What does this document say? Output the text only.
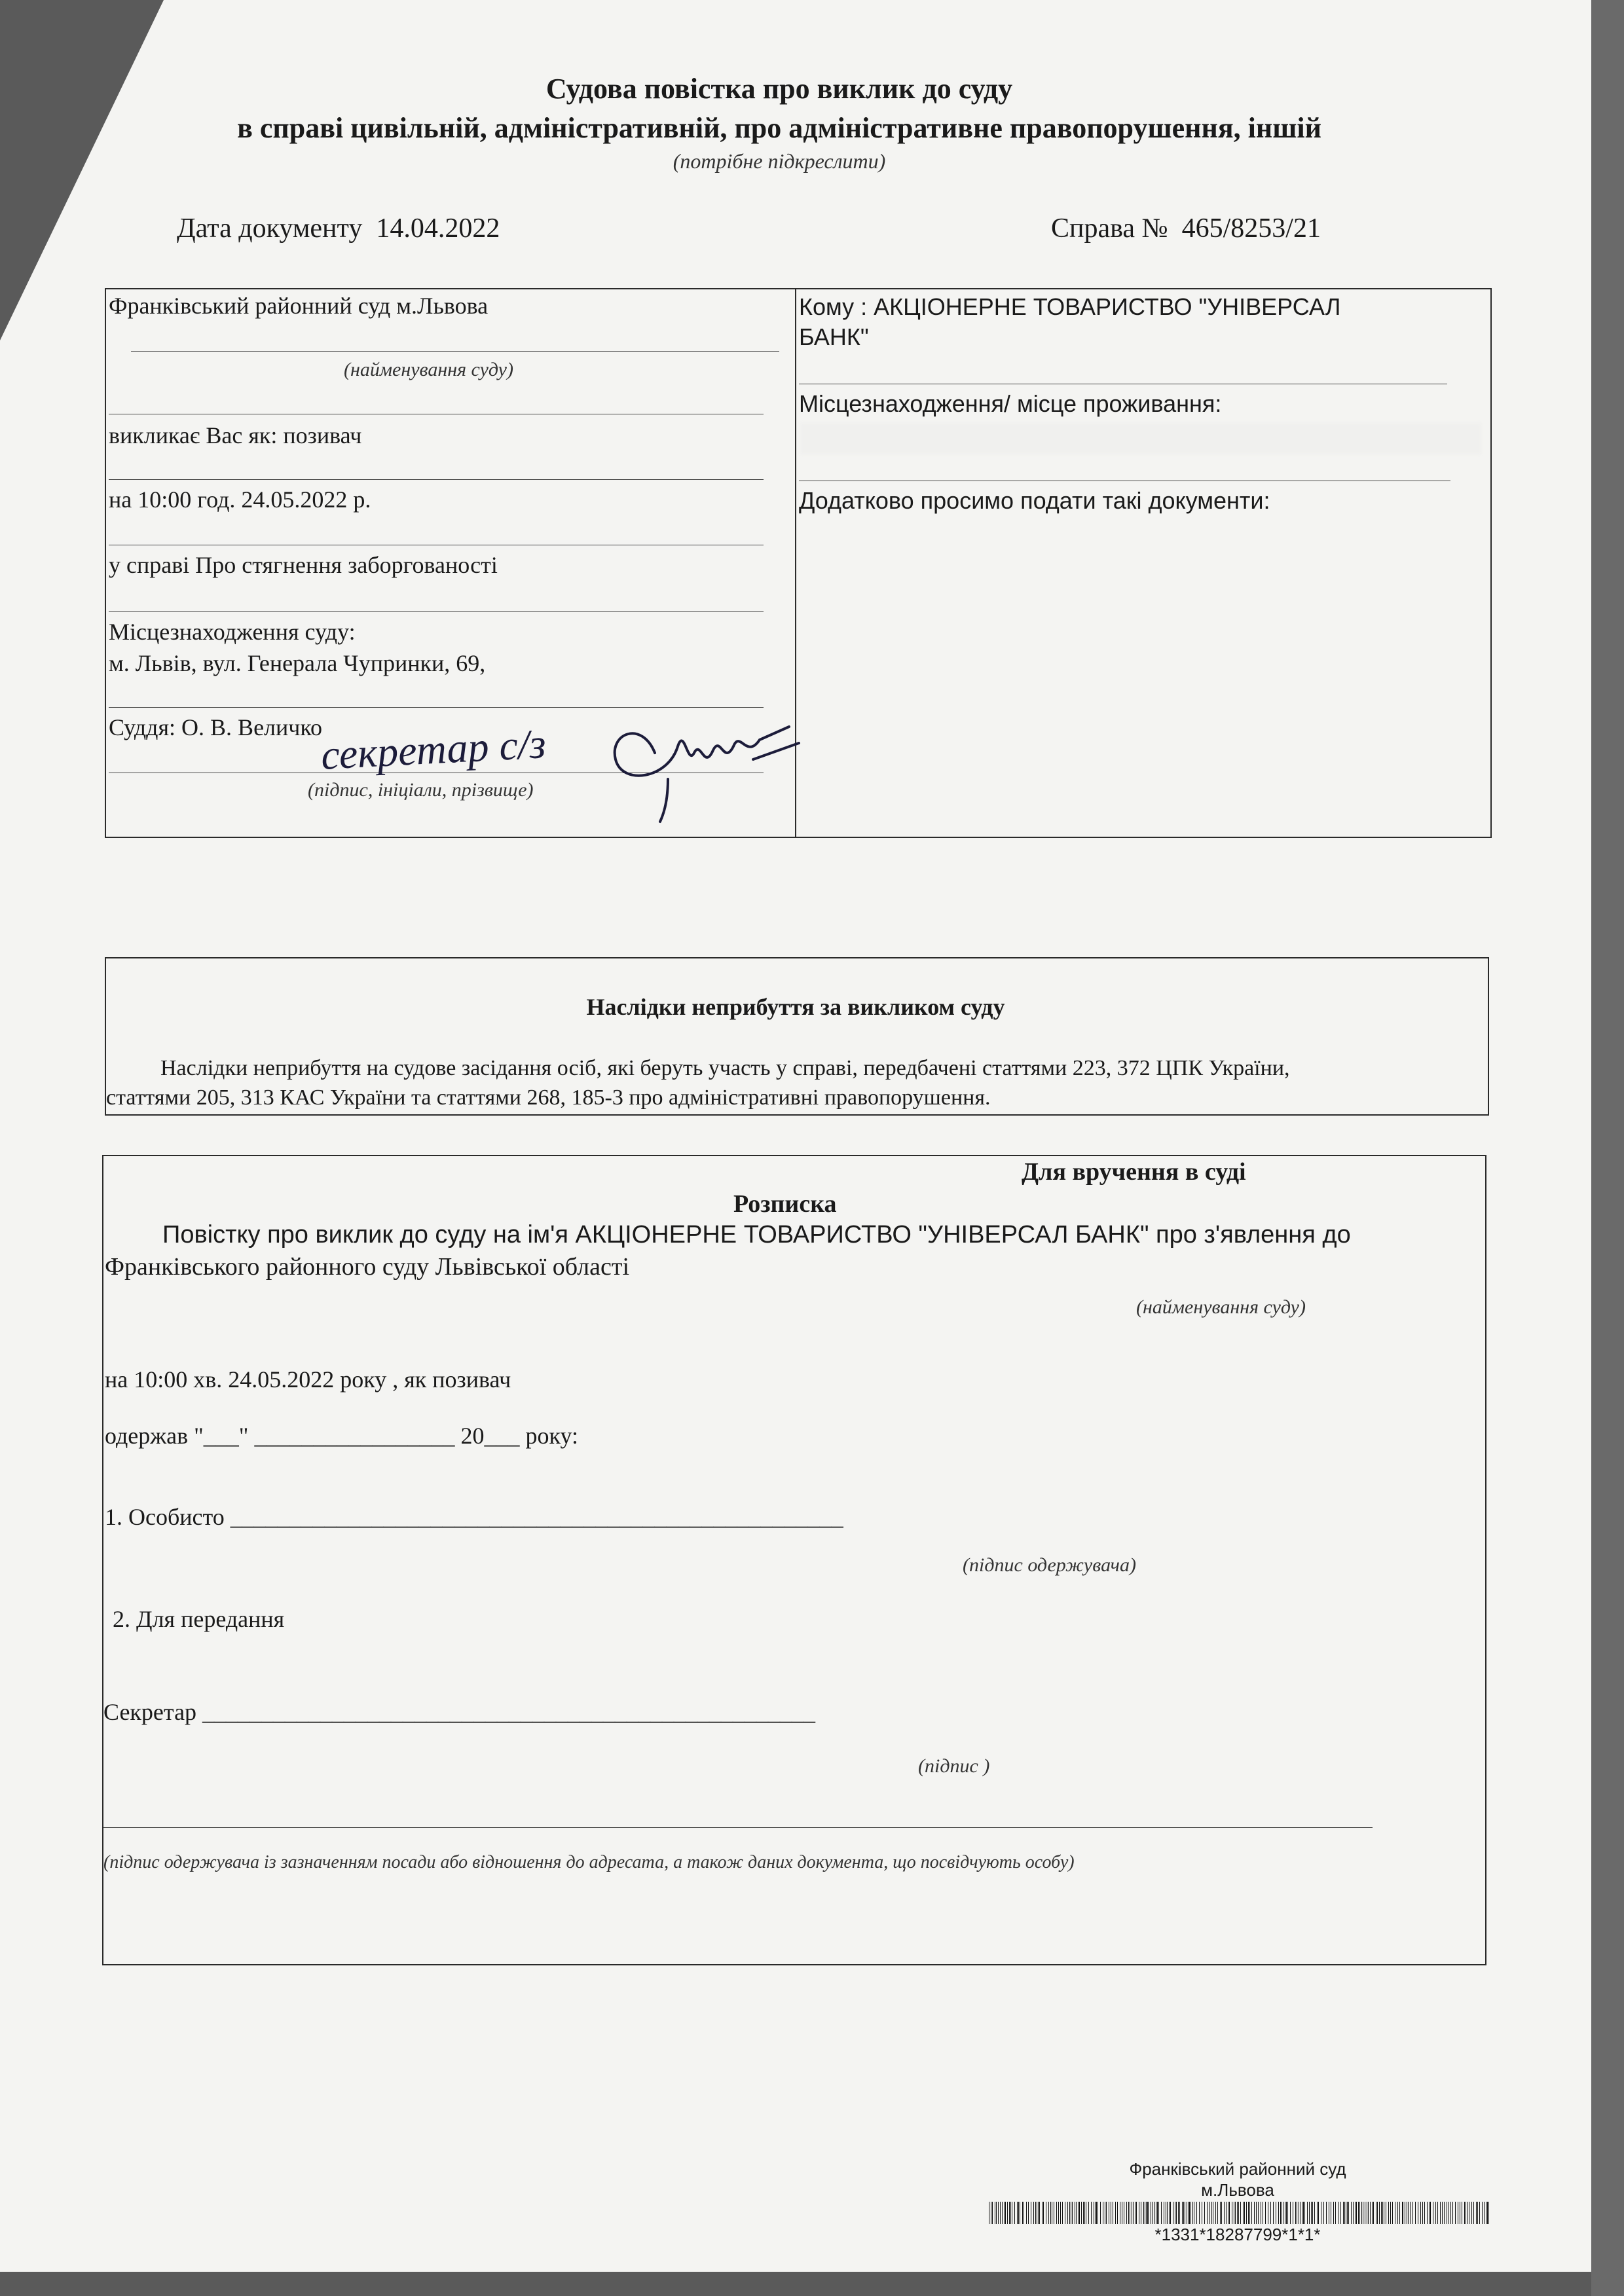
Судова повістка про виклик до суду
в справі цивільній, адміністративній, про адміністративне правопорушення, іншій
(потрібне підкреслити)
Дата документу 14.04.2022	Справа № 465/8253/21
Франківський районний суд м.Львова
(найменування суду)
викликає Вас як: позивач
на 10:00 год. 24.05.2022 р.
у справі Про стягнення заборгованості
Місцезнаходження суду:
м. Львів, вул. Генерала Чупринки, 69,
Суддя: О. В. Величко
(підпис, ініціали, прізвище)
секретар с/з
Кому : АКЦІОНЕРНЕ ТОВАРИСТВО "УНІВЕРСАЛ
БАНК"
Місцезнаходження/ місце проживання:
Додатково просимо подати такі документи:
Наслідки неприбуття за викликом суду
Наслідки неприбуття на судове засідання осіб, які беруть участь у справі, передбачені статтями 223, 372 ЦПК України,
статтями 205, 313 КАС України та статтями 268, 185-3 про адміністративні правопорушення.
Для вручення в суді
Розписка
Повістку про виклик до суду на ім'я АКЦІОНЕРНЕ ТОВАРИСТВО "УНІВЕРСАЛ БАНК" про з'явлення до
Франківського районного суду Львівської області
(найменування суду)
на 10:00 хв. 24.05.2022 року , як позивач
одержав "___" _________________ 20___ року:
1. Особисто ____________________________________________________
(підпис одержувача)
2. Для передання
Секретар ____________________________________________________
(підпис )
(підпис одержувача із зазначенням посади або відношення до адресата, а також даних документа, що посвідчують особу)
Франківський районний суд
м.Львова
*1331*18287799*1*1*
